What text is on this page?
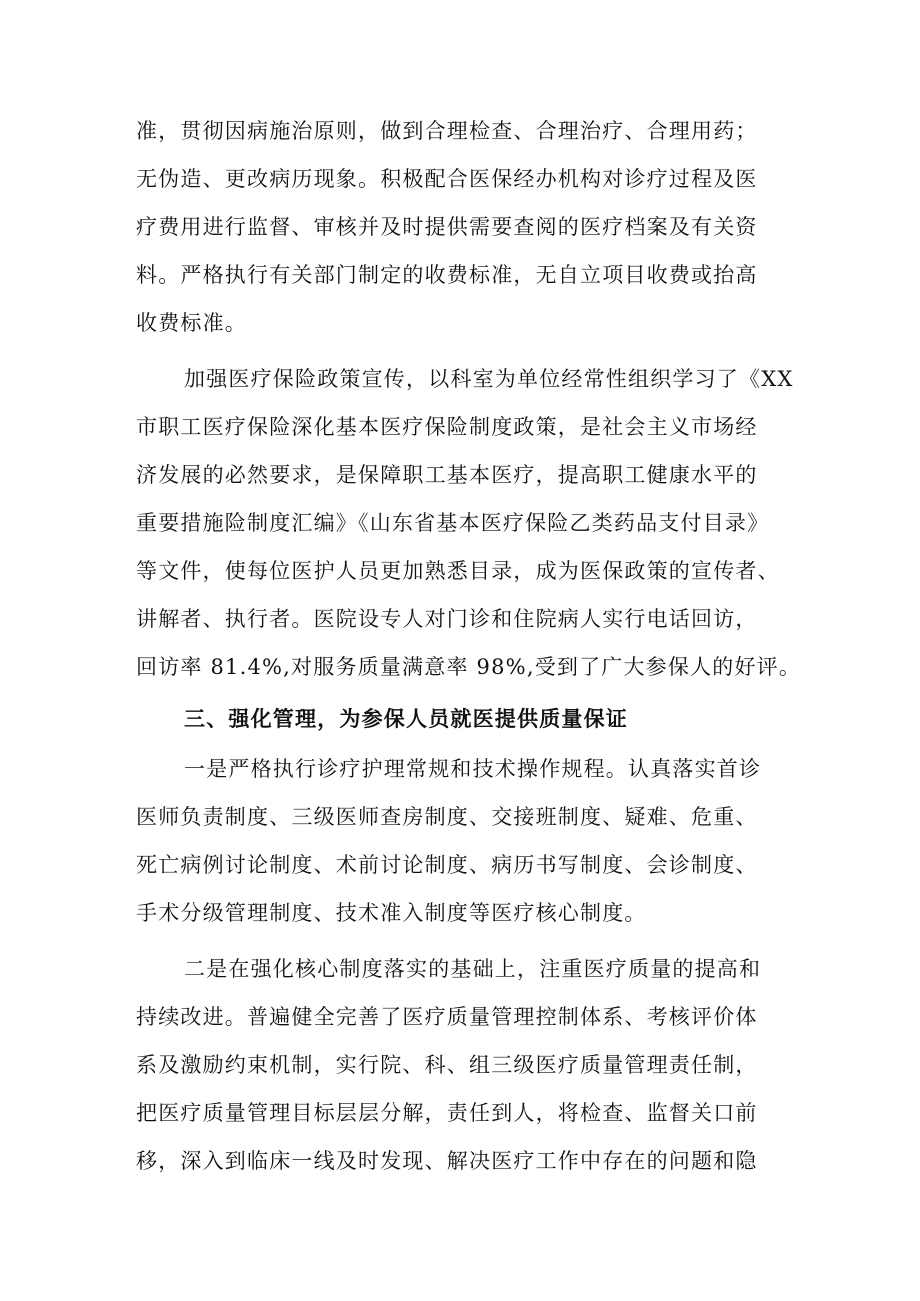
准，贯彻因病施治原则，做到合理检查、合理治疗、合理用药；
无伪造、更改病历现象。积极配合医保经办机构对诊疗过程及医
疗费用进行监督、审核并及时提供需要查阅的医疗档案及有关资
料。严格执行有关部门制定的收费标准，无自立项目收费或抬高
收费标准。
加强医疗保险政策宣传，以科室为单位经常性组织学习了《XX
市职工医疗保险深化基本医疗保险制度政策，是社会主义市场经
济发展的必然要求，是保障职工基本医疗，提高职工健康水平的
重要措施险制度汇编》《山东省基本医疗保险乙类药品支付目录》
等文件，使每位医护人员更加熟悉目录，成为医保政策的宣传者、
讲解者、执行者。医院设专人对门诊和住院病人实行电话回访，
回访率 81.4%,对服务质量满意率 98%,受到了广大参保人的好评。
三、强化管理，为参保人员就医提供质量保证
一是严格执行诊疗护理常规和技术操作规程。认真落实首诊
医师负责制度、三级医师查房制度、交接班制度、疑难、危重、
死亡病例讨论制度、术前讨论制度、病历书写制度、会诊制度、
手术分级管理制度、技术准入制度等医疗核心制度。
二是在强化核心制度落实的基础上，注重医疗质量的提高和
持续改进。普遍健全完善了医疗质量管理控制体系、考核评价体
系及激励约束机制，实行院、科、组三级医疗质量管理责任制，
把医疗质量管理目标层层分解，责任到人，将检查、监督关口前
移，深入到临床一线及时发现、解决医疗工作中存在的问题和隐
